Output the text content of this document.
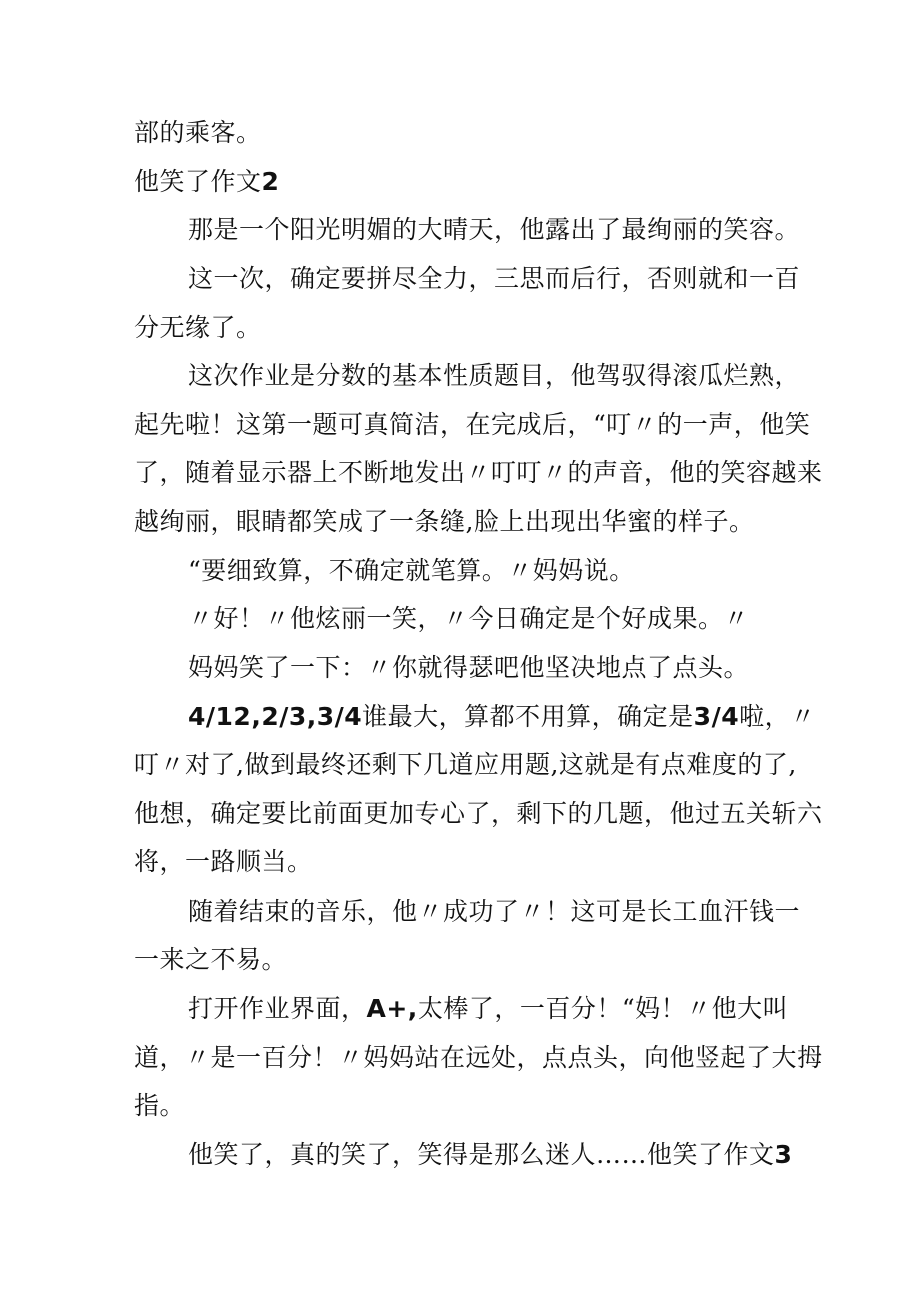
部的乘客。
他笑了作文2
那是一个阳光明媚的大晴天，他露出了最绚丽的笑容。
这一次，确定要拼尽全力，三思而后行，否则就和一百
分无缘了。
这次作业是分数的基本性质题目，他驾驭得滚瓜烂熟，
起先啦！这第一题可真简洁，在完成后，“叮〃的一声，他笑
了，随着显示器上不断地发出〃叮叮〃的声音，他的笑容越来
越绚丽，眼睛都笑成了一条缝,脸上出现出华蜜的样子。
“要细致算，不确定就笔算。〃妈妈说。
〃好！〃他炫丽一笑，〃今日确定是个好成果。〃
妈妈笑了一下：〃你就得瑟吧他坚决地点了点头。
4/12,2/3,3/4谁最大，算都不用算，确定是3/4啦，〃
叮〃对了,做到最终还剩下几道应用题,这就是有点难度的了,
他想，确定要比前面更加专心了，剩下的几题，他过五关斩六
将，一路顺当。
随着结束的音乐，他〃成功了〃！这可是长工血汗钱一
一来之不易。
打开作业界面，A+,太棒了，一百分！“妈！〃他大叫
道，〃是一百分！〃妈妈站在远处，点点头，向他竖起了大拇
指。
他笑了，真的笑了，笑得是那么迷人……他笑了作文3
